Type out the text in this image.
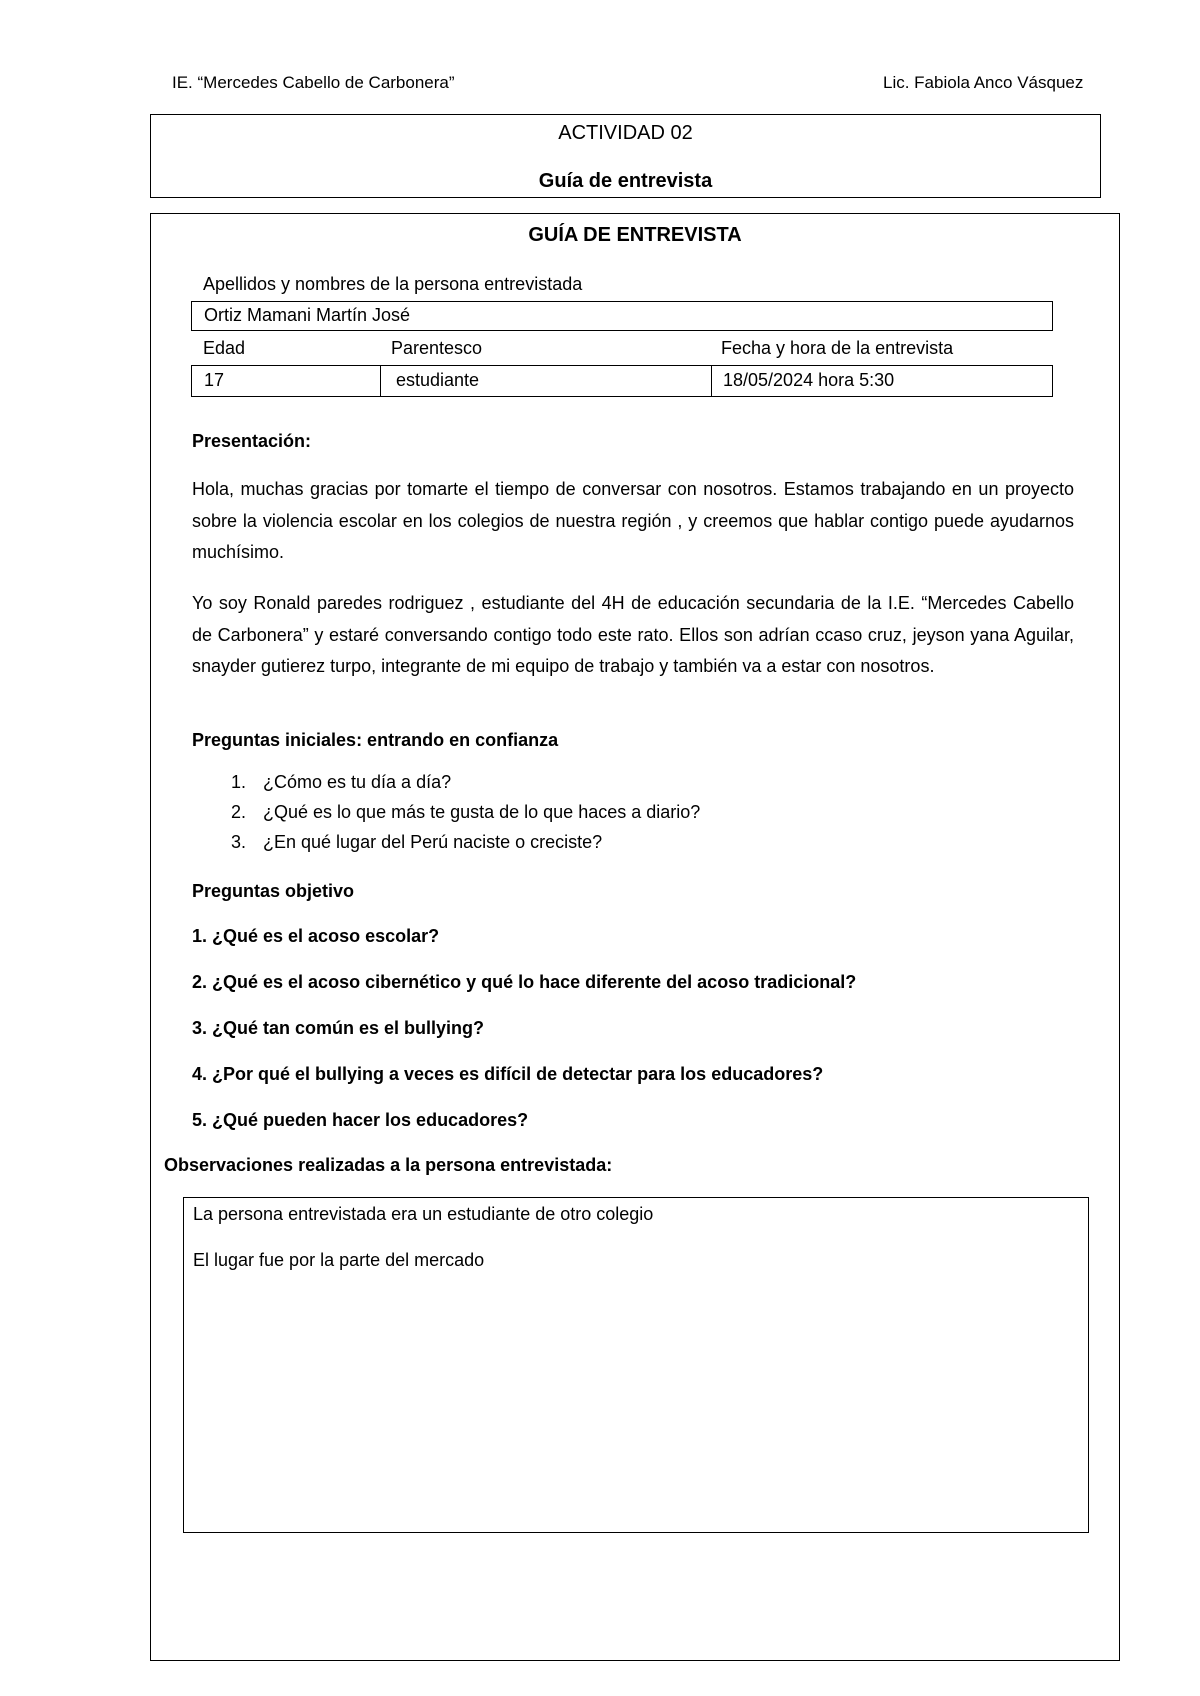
IE. “Mercedes Cabello de Carbonera”	Lic. Fabiola Anco Vásquez
ACTIVIDAD 02
Guía de entrevista
GUÍA DE ENTREVISTA
Apellidos y nombres de la persona entrevistada
Ortiz Mamani Martín José
Edad	Parentesco	Fecha y hora de la entrevista
17	estudiante	18/05/2024 hora 5:30
Presentación:

Hola, muchas gracias por tomarte el tiempo de conversar con nosotros. Estamos trabajando en un proyecto sobre la violencia escolar en los colegios de nuestra región , y creemos que hablar contigo puede ayudarnos muchísimo.

Yo soy Ronald paredes rodriguez , estudiante del 4H de educación secundaria de la I.E. “Mercedes Cabello de Carbonera” y estaré conversando contigo todo este rato. Ellos son adrían ccaso cruz, jeyson yana Aguilar, snayder gutierez turpo, integrante de mi equipo de trabajo y también va a estar con nosotros.

Preguntas iniciales: entrando en confianza
1. ¿Cómo es tu día a día?
2. ¿Qué es lo que más te gusta de lo que haces a diario?
3. ¿En qué lugar del Perú naciste o creciste?
Preguntas objetivo
1. ¿Qué es el acoso escolar?
2. ¿Qué es el acoso cibernético y qué lo hace diferente del acoso tradicional?
3. ¿Qué tan común es el bullying?
4. ¿Por qué el bullying a veces es difícil de detectar para los educadores?
5. ¿Qué pueden hacer los educadores?
Observaciones realizadas a la persona entrevistada:
La persona entrevistada era un estudiante de otro colegio
El lugar fue por la parte del mercado
